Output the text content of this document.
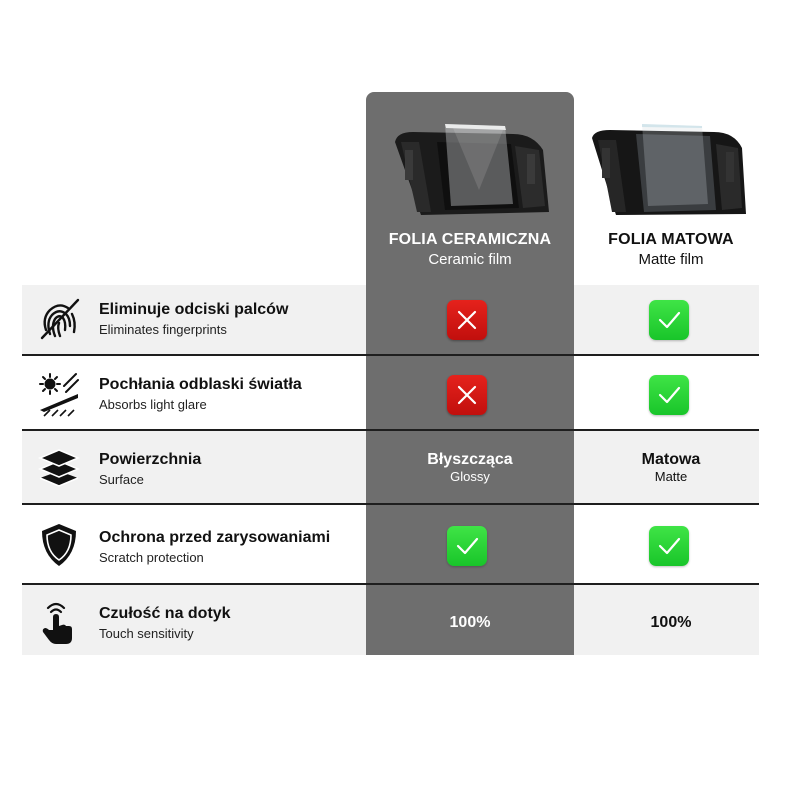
FOLIA CERAMICZNA
Ceramic film
FOLIA MATOWA
Matte film
Eliminuje odciski palców
Eliminates fingerprints
Pochłania odblaski światła
Absorbs light glare
Powierzchnia
Surface
Błyszcząca
Glossy
Matowa
Matte
Ochrona przed zarysowaniami
Scratch protection
Czułość na dotyk
Touch sensitivity
100%	100%
